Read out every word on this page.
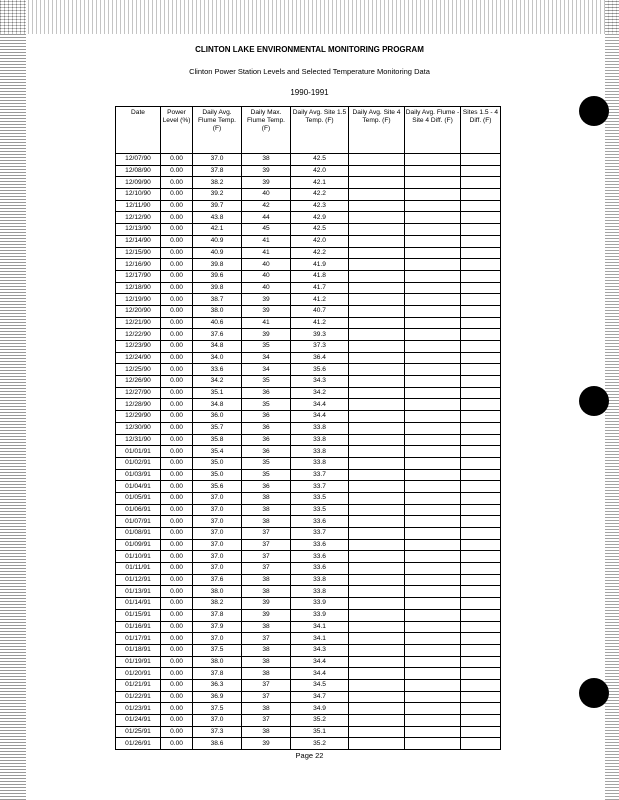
CLINTON LAKE ENVIRONMENTAL MONITORING PROGRAM
Clinton Power Station Levels and Selected Temperature Monitoring Data
1990-1991
Date	Power Level (%)	Daily Avg. Flume Temp. (F)	Daily Max. Flume Temp. (F)	Daily Avg. Site 1.5 Temp. (F)	Daily Avg. Site 4 Temp. (F)	Daily Avg. Flume - Site 4 Diff. (F)	Sites 1.5 - 4 Diff. (F)
12/07/90	0.00	37.0	38	42.5			
12/08/90	0.00	37.8	39	42.0			
12/09/90	0.00	38.2	39	42.1			
12/10/90	0.00	39.2	40	42.2			
12/11/90	0.00	39.7	42	42.3			
12/12/90	0.00	43.8	44	42.9			
12/13/90	0.00	42.1	45	42.5			
12/14/90	0.00	40.9	41	42.0			
12/15/90	0.00	40.9	41	42.2			
12/16/90	0.00	39.8	40	41.9			
12/17/90	0.00	39.6	40	41.8			
12/18/90	0.00	39.8	40	41.7			
12/19/90	0.00	38.7	39	41.2			
12/20/90	0.00	38.0	39	40.7			
12/21/90	0.00	40.6	41	41.2			
12/22/90	0.00	37.6	39	39.3			
12/23/90	0.00	34.8	35	37.3			
12/24/90	0.00	34.0	34	36.4			
12/25/90	0.00	33.6	34	35.6			
12/26/90	0.00	34.2	35	34.3			
12/27/90	0.00	35.1	36	34.2			
12/28/90	0.00	34.8	35	34.4			
12/29/90	0.00	36.0	36	34.4			
12/30/90	0.00	35.7	36	33.8			
12/31/90	0.00	35.8	36	33.8			
01/01/91	0.00	35.4	36	33.8			
01/02/91	0.00	35.0	35	33.8			
01/03/91	0.00	35.0	35	33.7			
01/04/91	0.00	35.6	36	33.7			
01/05/91	0.00	37.0	38	33.5			
01/06/91	0.00	37.0	38	33.5			
01/07/91	0.00	37.0	38	33.6			
01/08/91	0.00	37.0	37	33.7			
01/09/91	0.00	37.0	37	33.6			
01/10/91	0.00	37.0	37	33.6			
01/11/91	0.00	37.0	37	33.6			
01/12/91	0.00	37.6	38	33.8			
01/13/91	0.00	38.0	38	33.8			
01/14/91	0.00	38.2	39	33.9			
01/15/91	0.00	37.8	39	33.9			
01/16/91	0.00	37.9	38	34.1			
01/17/91	0.00	37.0	37	34.1			
01/18/91	0.00	37.5	38	34.3			
01/19/91	0.00	38.0	38	34.4			
01/20/91	0.00	37.8	38	34.4			
01/21/91	0.00	36.3	37	34.5			
01/22/91	0.00	36.9	37	34.7			
01/23/91	0.00	37.5	38	34.9			
01/24/91	0.00	37.0	37	35.2			
01/25/91	0.00	37.3	38	35.1			
01/26/91	0.00	38.6	39	35.2			
Page 22
